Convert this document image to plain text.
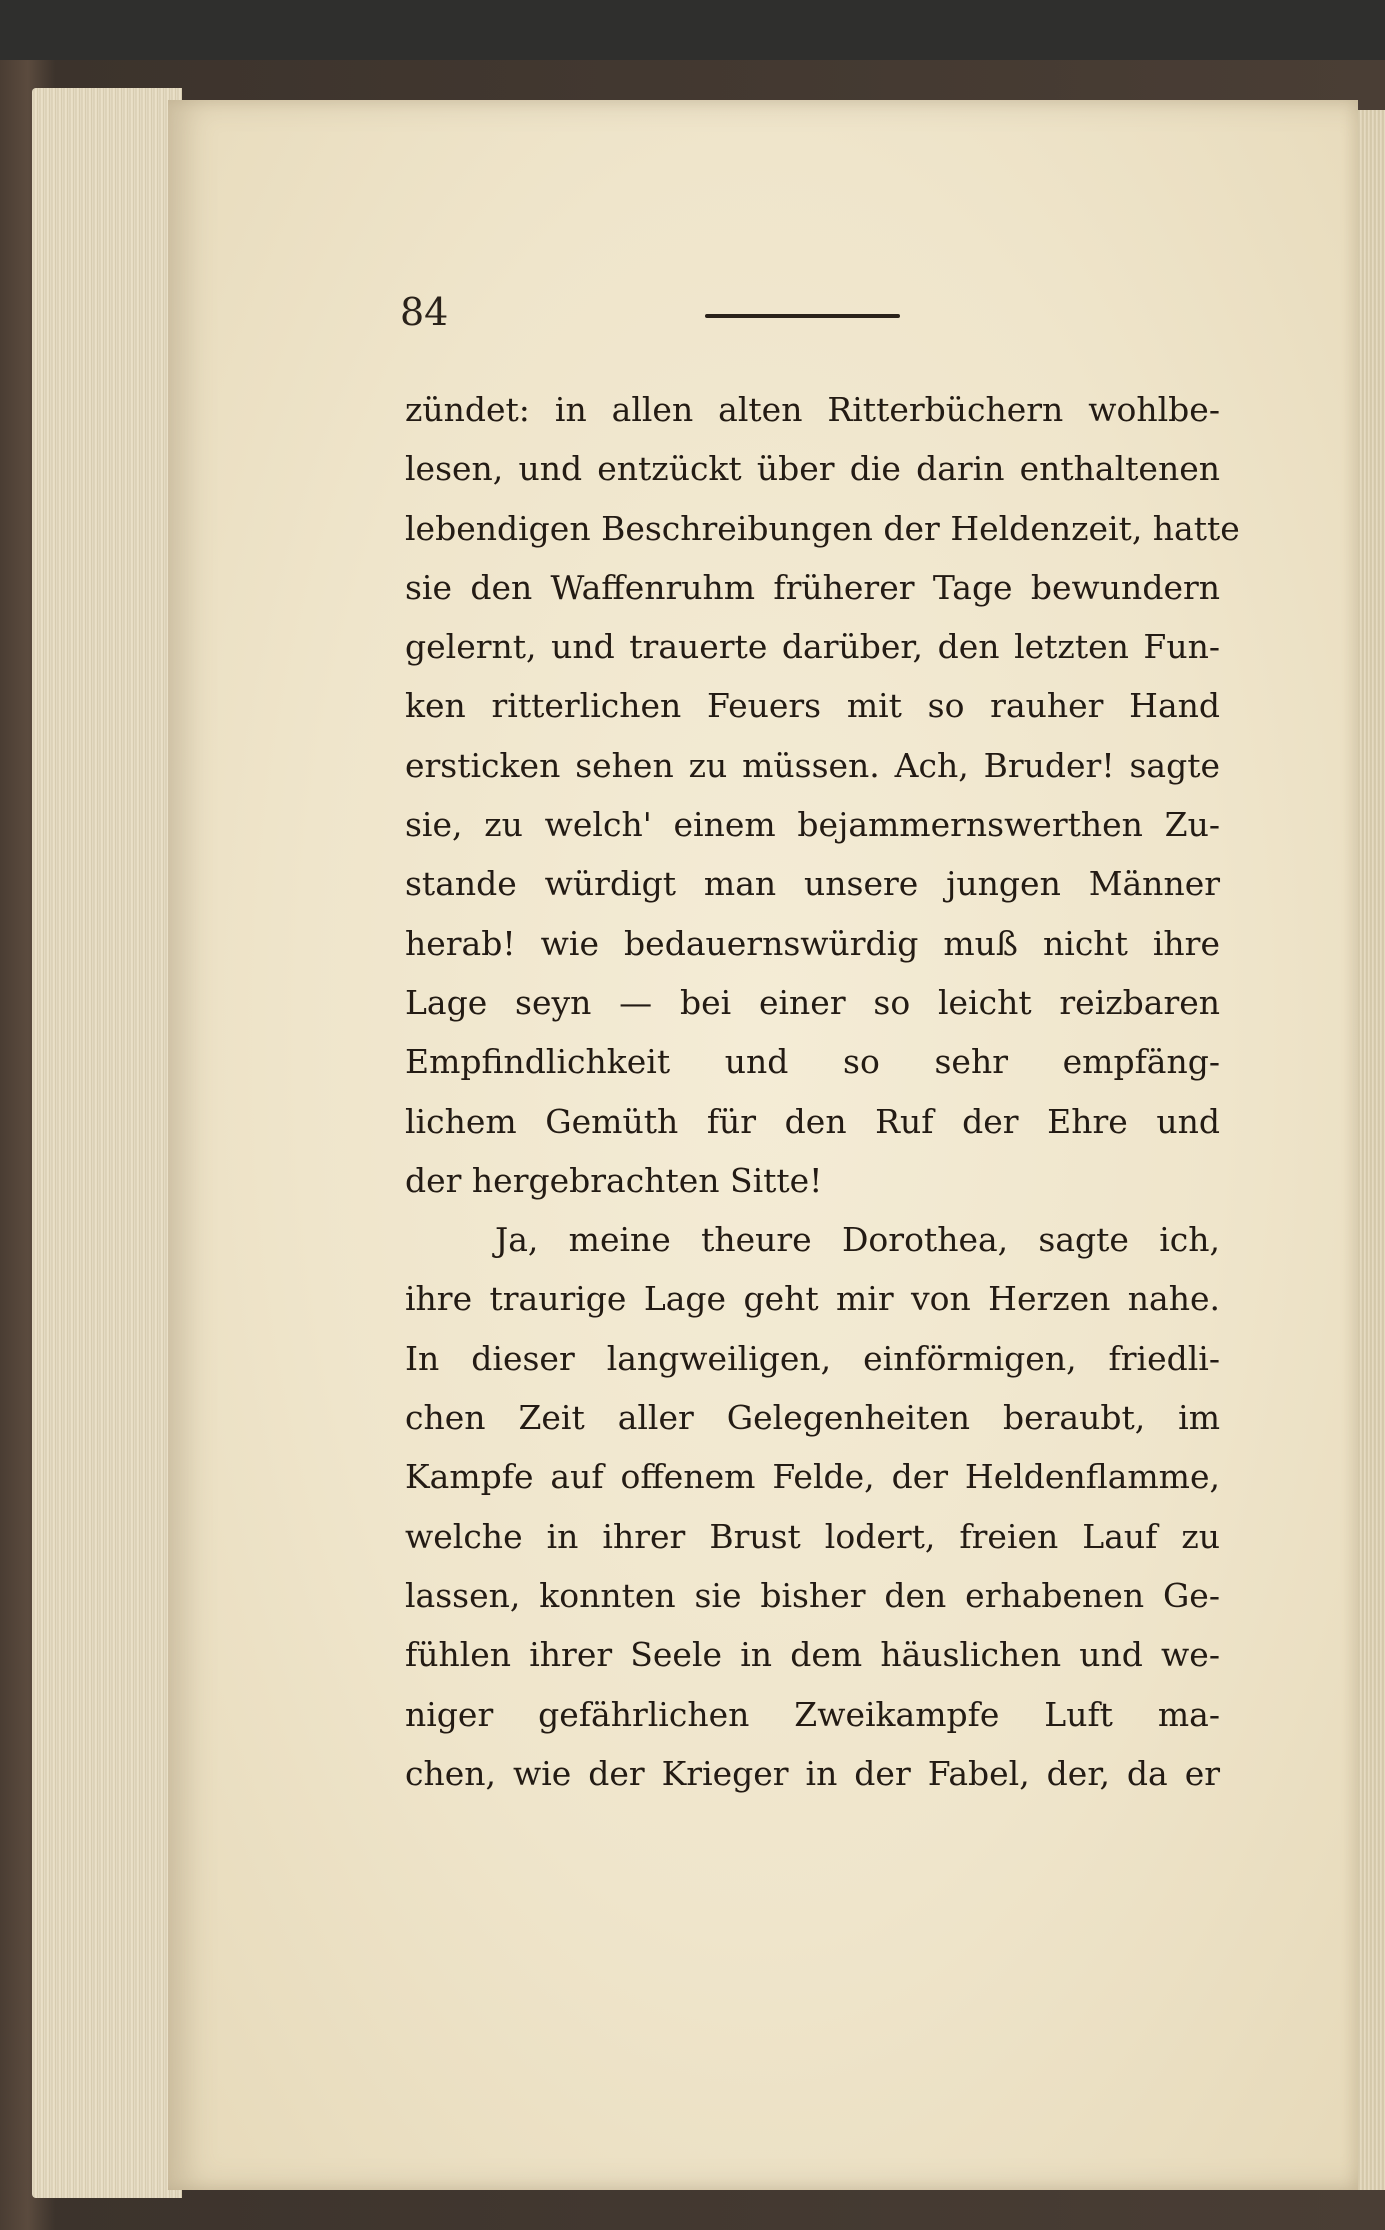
84
zündet: in allen alten Ritterbüchern wohlbe-
lesen, und entzückt über die darin enthaltenen
lebendigen Beschreibungen der Heldenzeit, hatte
sie den Waffenruhm früherer Tage bewundern
gelernt, und trauerte darüber, den letzten Fun-
ken ritterlichen Feuers mit so rauher Hand
ersticken sehen zu müssen. Ach, Bruder! sagte
sie, zu welch' einem bejammernswerthen Zu-
stande würdigt man unsere jungen Männer
herab! wie bedauernswürdig muß nicht ihre
Lage seyn — bei einer so leicht reizbaren
Empfindlichkeit und so sehr empfäng-
lichem Gemüth für den Ruf der Ehre und
der hergebrachten Sitte!
Ja, meine theure Dorothea, sagte ich,
ihre traurige Lage geht mir von Herzen nahe.
In dieser langweiligen, einförmigen, friedli-
chen Zeit aller Gelegenheiten beraubt, im
Kampfe auf offenem Felde, der Heldenflamme,
welche in ihrer Brust lodert, freien Lauf zu
lassen, konnten sie bisher den erhabenen Ge-
fühlen ihrer Seele in dem häuslichen und we-
niger gefährlichen Zweikampfe Luft ma-
chen, wie der Krieger in der Fabel, der, da er
